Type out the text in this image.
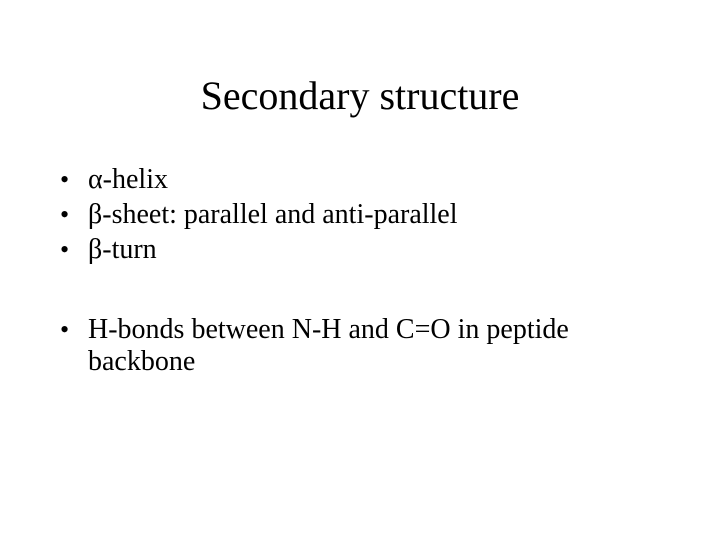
Secondary structure
• α-helix
• β-sheet: parallel and anti-parallel
• β-turn
• H-bonds between N-H and C=O in peptide backbone
